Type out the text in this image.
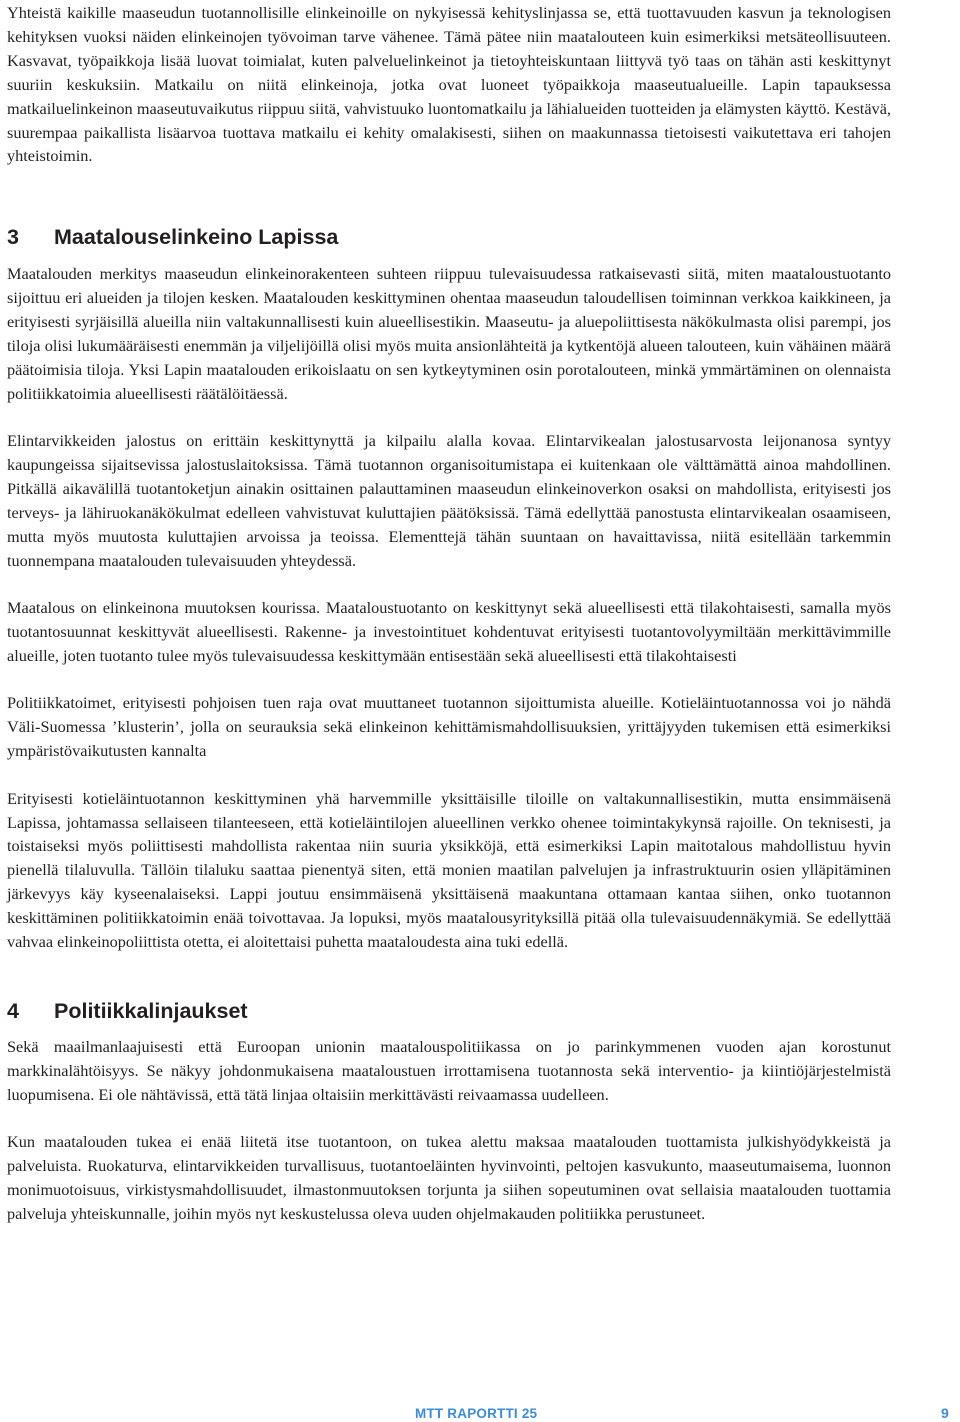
Yhteistä kaikille maaseudun tuotannollisille elinkeinoille on nykyisessä kehityslinjassa se, että tuottavuuden kasvun ja teknologisen kehityksen vuoksi näiden elinkeinojen työvoiman tarve vähenee. Tämä pätee niin maatalouteen kuin esimerkiksi metsäteollisuuteen. Kasvavat, työpaikkoja lisää luovat toimialat, kuten palveluelinkeinot ja tietoyhteiskuntaan liittyvä työ taas on tähän asti keskittynyt suuriin keskuksiin. Matkailu on niitä elinkeinoja, jotka ovat luoneet työpaikkoja maaseutualueille. Lapin tapauksessa matkailuelinkeinon maaseutuvaikutus riippuu siitä, vahvistuuko luontomatkailu ja lähialueiden tuotteiden ja elämysten käyttö. Kestävä, suurempaa paikallista lisäarvoa tuottava matkailu ei kehity omalakisesti, siihen on maakunnassa tietoisesti vaikutettava eri tahojen yhteistoimin.

3 Maatalouselinkeino Lapissa

Maatalouden merkitys maaseudun elinkeinorakenteen suhteen riippuu tulevaisuudessa ratkaisevasti siitä, miten maataloustuotanto sijoittuu eri alueiden ja tilojen kesken. Maatalouden keskittyminen ohentaa maaseudun taloudellisen toiminnan verkkoa kaikkineen, ja erityisesti syrjäisillä alueilla niin valtakunnallisesti kuin alueellisestikin. Maaseutu- ja aluepoliittisesta näkökulmasta olisi parempi, jos tiloja olisi lukumääräisesti enemmän ja viljelijöillä olisi myös muita ansionlähteitä ja kytkentöjä alueen talouteen, kuin vähäinen määrä päätoimisia tiloja. Yksi Lapin maatalouden erikoislaatu on sen kytkeytyminen osin porotalouteen, minkä ymmärtäminen on olennaista politiikkatoimia alueellisesti räätälöitäessä.

Elintarvikkeiden jalostus on erittäin keskittynyttä ja kilpailu alalla kovaa. Elintarvikealan jalostusarvosta leijonanosa syntyy kaupungeissa sijaitsevissa jalostuslaitoksissa. Tämä tuotannon organisoitumistapa ei kuitenkaan ole välttämättä ainoa mahdollinen. Pitkällä aikavälillä tuotantoketjun ainakin osittainen palauttaminen maaseudun elinkeinoverkon osaksi on mahdollista, erityisesti jos terveys- ja lähiruokanäkökulmat edelleen vahvistuvat kuluttajien päätöksissä. Tämä edellyttää panostusta elintarvikealan osaamiseen, mutta myös muutosta kuluttajien arvoissa ja teoissa. Elementtejä tähän suuntaan on havaittavissa, niitä esitellään tarkemmin tuonnempana maatalouden tulevaisuuden yhteydessä.

Maatalous on elinkeinona muutoksen kourissa. Maataloustuotanto on keskittynyt sekä alueellisesti että tilakohtaisesti, samalla myös tuotantosuunnat keskittyvät alueellisesti. Rakenne- ja investointituet kohdentuvat erityisesti tuotantovolyymiltään merkittävimmille alueille, joten tuotanto tulee myös tulevaisuudessa keskittymään entisestään sekä alueellisesti että tilakohtaisesti

Politiikkatoimet, erityisesti pohjoisen tuen raja ovat muuttaneet tuotannon sijoittumista alueille. Kotieläintuotannossa voi jo nähdä Väli-Suomessa ’klusterin’, jolla on seurauksia sekä elinkeinon kehittämismahdollisuuksien, yrittäjyyden tukemisen että esimerkiksi ympäristövaikutusten kannalta

Erityisesti kotieläintuotannon keskittyminen yhä harvemmille yksittäisille tiloille on valtakunnallisestikin, mutta ensimmäisenä Lapissa, johtamassa sellaiseen tilanteeseen, että kotieläintilojen alueellinen verkko ohenee toimintakykynsä rajoille. On teknisesti, ja toistaiseksi myös poliittisesti mahdollista rakentaa niin suuria yksikköjä, että esimerkiksi Lapin maitotalous mahdollistuu hyvin pienellä tilaluvulla. Tällöin tilaluku saattaa pienentyä siten, että monien maatilan palvelujen ja infrastruktuurin osien ylläpitäminen järkevyys käy kyseenalaiseksi. Lappi joutuu ensimmäisenä yksittäisenä maakuntana ottamaan kantaa siihen, onko tuotannon keskittäminen politiikkatoimin enää toivottavaa. Ja lopuksi, myös maatalousyrityksillä pitää olla tulevaisuudennäkymiä. Se edellyttää vahvaa elinkeinopoliittista otetta, ei aloitettaisi puhetta maataloudesta aina tuki edellä.

4 Politiikkalinjaukset

Sekä maailmanlaajuisesti että Euroopan unionin maatalouspolitiikassa on jo parinkymmenen vuoden ajan korostunut markkinalähtöisyys. Se näkyy johdonmukaisena maataloustuen irrottamisena tuotannosta sekä interventio- ja kiintiöjärjestelmistä luopumisena. Ei ole nähtävissä, että tätä linjaa oltaisiin merkittävästi reivaamassa uudelleen.

Kun maatalouden tukea ei enää liitetä itse tuotantoon, on tukea alettu maksaa maatalouden tuottamista julkishyödykkeistä ja palveluista. Ruokaturva, elintarvikkeiden turvallisuus, tuotantoeläinten hyvinvointi, peltojen kasvukunto, maaseutumaisema, luonnon monimuotoisuus, virkistysmahdollisuudet, ilmastonmuutoksen torjunta ja siihen sopeutuminen ovat sellaisia maatalouden tuottamia palveluja yhteiskunnalle, joihin myös nyt keskustelussa oleva uuden ohjelmakauden politiikka perustuneet.

MTT RAPORTTI 25	9
